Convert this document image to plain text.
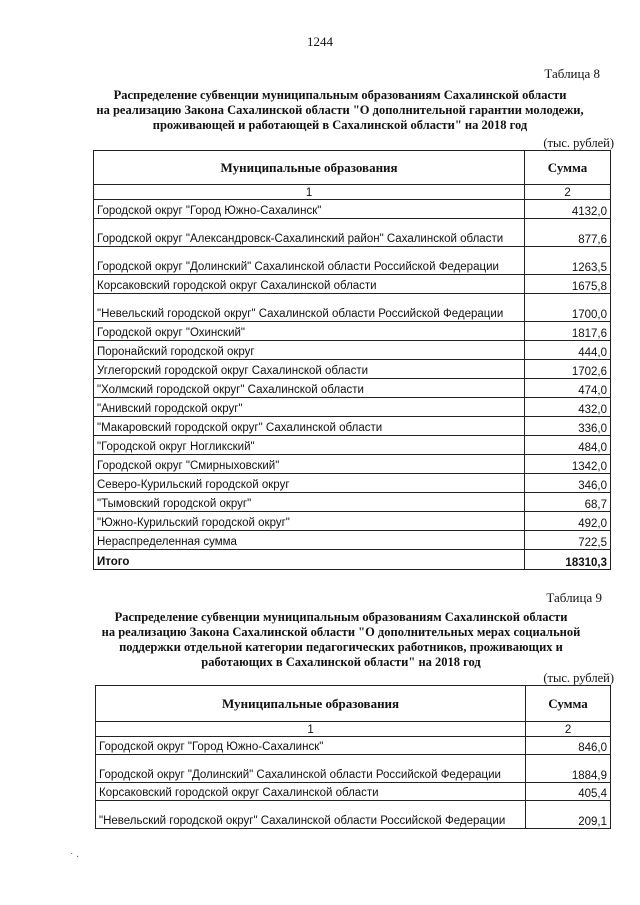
1244
Таблица 8
Распределение субвенции муниципальным образованиям Сахалинской области
на реализацию Закона Сахалинской области "О дополнительной гарантии молодежи,
проживающей и работающей в Сахалинской области" на 2018 год
(тыс. рублей)
Муниципальные образования	Сумма
1	2
Городской округ "Город Южно-Сахалинск"	4132,0
Городской округ "Александровск-Сахалинский район" Сахалинской области	877,6
Городской округ "Долинский" Сахалинской области Российской Федерации	1263,5
Корсаковский городской округ Сахалинской области	1675,8
"Невельский городской округ" Сахалинской области Российской Федерации	1700,0
Городской округ "Охинский"	1817,6
Поронайский городской округ	444,0
Углегорский городской округ Сахалинской области	1702,6
"Холмский городской округ" Сахалинской области	474,0
"Анивский городской округ"	432,0
"Макаровский городской округ" Сахалинской области	336,0
"Городской округ Ногликский"	484,0
Городской округ "Смирныховский"	1342,0
Северо-Курильский городской округ	346,0
"Тымовский городской округ"	68,7
"Южно-Курильский городской округ"	492,0
Нераспределенная сумма	722,5
Итого	18310,3
Таблица 9
Распределение субвенции муниципальным образованиям Сахалинской области
на реализацию Закона Сахалинской области "О дополнительных мерах социальной
поддержки отдельной категории педагогических работников, проживающих и
работающих в Сахалинской области" на 2018 год
(тыс. рублей)
Муниципальные образования	Сумма
1	2
Городской округ "Город Южно-Сахалинск"	846,0
Городской округ "Долинский" Сахалинской области Российской Федерации	1884,9
Корсаковский городской округ Сахалинской области	405,4
"Невельский городской округ" Сахалинской области Российской Федерации	209,1
˙ ·
